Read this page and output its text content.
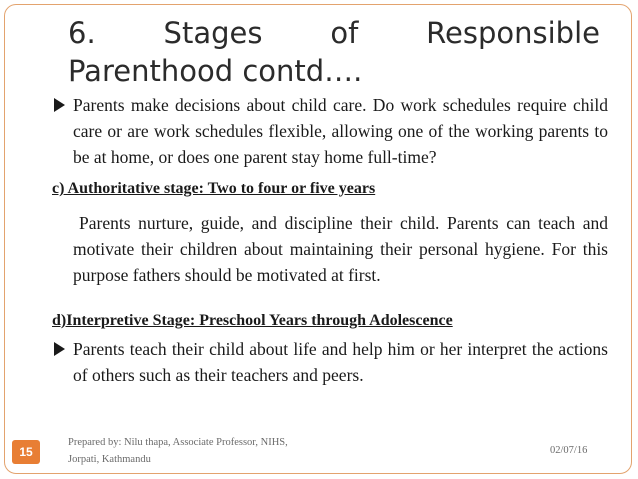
6. Stages of Responsible
Parenthood contd….
Parents make decisions about child care. Do work schedules require child care or are work schedules flexible, allowing one of the working parents to be at home, or does one parent stay home full-time?
c) Authoritative stage: Two to four or five years
Parents nurture, guide, and discipline their child. Parents can teach and motivate their children about maintaining their personal hygiene. For this purpose fathers should be motivated at first.
d)Interpretive Stage: Preschool Years through Adolescence
Parents teach their child about life and help him or her interpret the actions of others such as their teachers and peers.
15
Prepared by: Nilu thapa, Associate Professor, NIHS,
Jorpati, Kathmandu
02/07/16
